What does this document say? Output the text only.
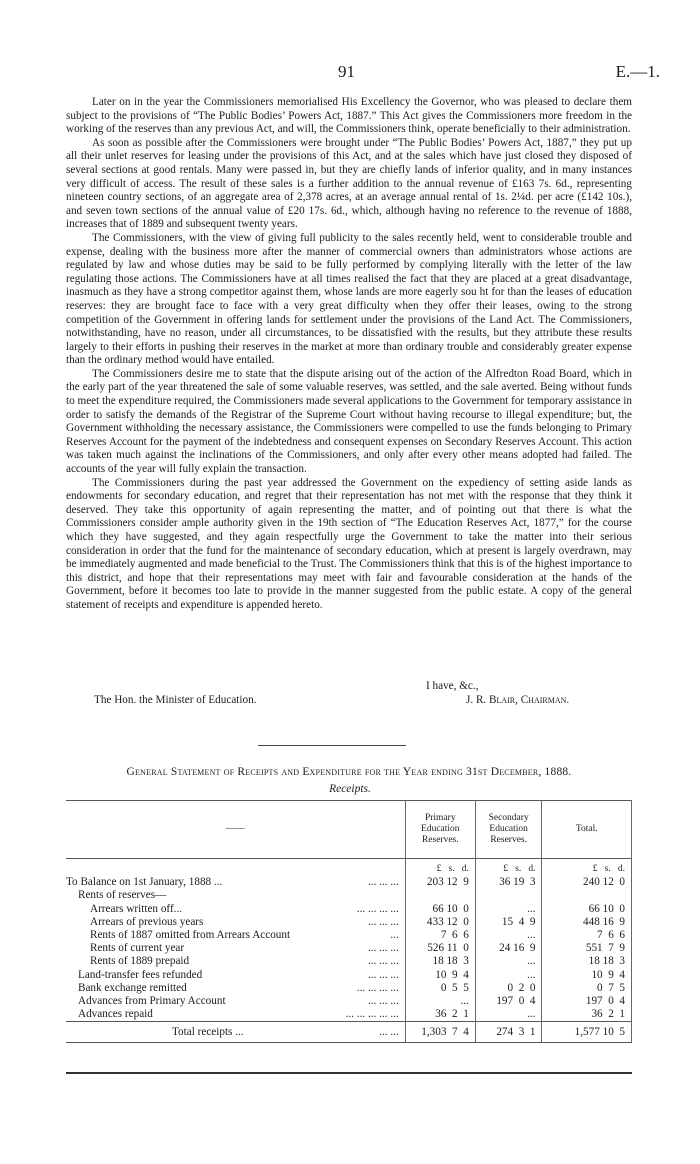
91	E.—1.

Later on in the year the Commissioners memorialised His Excellency the Governor, who was pleased to declare them subject to the provisions of “The Public Bodies’ Powers Act, 1887.” This Act gives the Commissioners more freedom in the working of the reserves than any previous Act, and will, the Commissioners think, operate beneficially to their administration.

As soon as possible after the Commissioners were brought under “The Public Bodies’ Powers Act, 1887,” they put up all their unlet reserves for leasing under the provisions of this Act, and at the sales which have just closed they disposed of several sections at good rentals. Many were passed in, but they are chiefly lands of inferior quality, and in many instances very difficult of access. The result of these sales is a further addition to the annual revenue of £163 7s. 6d., representing nineteen country sections, of an aggregate area of 2,378 acres, at an average annual rental of 1s. 2¼d. per acre (£142 10s.), and seven town sections of the annual value of £20 17s. 6d., which, although having no reference to the revenue of 1888, increases that of 1889 and subsequent twenty years.

The Commissioners, with the view of giving full publicity to the sales recently held, went to considerable trouble and expense, dealing with the business more after the manner of commercial owners than administrators whose actions are regulated by law and whose duties may be said to be fully performed by complying literally with the letter of the law regulating those actions. The Commissioners have at all times realised the fact that they are placed at a great disadvantage, inasmuch as they have a strong competitor against them, whose lands are more eagerly sou ht for than the leases of education reserves: they are brought face to face with a very great difficulty when they offer their leases, owing to the strong competition of the Government in offering lands for settlement under the provisions of the Land Act. The Commissioners, notwithstanding, have no reason, under all circumstances, to be dissatisfied with the results, but they attribute these results largely to their efforts in pushing their reserves in the market at more than ordinary trouble and considerably greater expense than the ordinary method would have entailed.

The Commissioners desire me to state that the dispute arising out of the action of the Alfredton Road Board, which in the early part of the year threatened the sale of some valuable reserves, was settled, and the sale averted. Being without funds to meet the expenditure required, the Commissioners made several applications to the Government for temporary assistance in order to satisfy the demands of the Registrar of the Supreme Court without having recourse to illegal expenditure; but, the Government withholding the necessary assistance, the Commissioners were compelled to use the funds belonging to Primary Reserves Account for the payment of the indebtedness and consequent expenses on Secondary Reserves Account. This action was taken much against the inclinations of the Commissioners, and only after every other means adopted had failed. The accounts of the year will fully explain the transaction.

The Commissioners during the past year addressed the Government on the expediency of setting aside lands as endowments for secondary education, and regret that their representation has not met with the response that they think it deserved. They take this opportunity of again representing the matter, and of pointing out that there is what the Commissioners consider ample authority given in the 19th section of “The Education Reserves Act, 1877,” for the course which they have suggested, and they again respectfully urge the Government to take the matter into their serious consideration in order that the fund for the maintenance of secondary education, which at present is largely overdrawn, may be immediately augmented and made beneficial to the Trust. The Commissioners think that this is of the highest importance to this district, and hope that their representations may meet with fair and favourable consideration at the hands of the Government, before it becomes too late to provide in the manner suggested from the public estate. A copy of the general statement of receipts and expenditure is appended hereto.

I have, &c.,
The Hon. the Minister of Education.	J. R. Blair, Chairman.
General Statement of Receipts and Expenditure for the Year ending 31st December, 1888.
Receipts.
——	Primary Education Reserves.	Secondary Education Reserves.	Total.
	£   s.   d.	£   s.   d.	£   s.   d.
To Balance on 1st January, 1888 ... ... ... ...	203 12  9	36 19  3	240 12  0
Rents of reserves—

Arrears written off... ... ... ... ...	66 10  0	...	66 10  0
Arrears of previous years ... ... ...	433 12  0	15  4  9	448 16  9
Rents of 1887 omitted from Arrears Account ...	7  6  6	...	7  6  6
Rents of current year ... ... ...	526 11  0	24 16  9	551  7  9
Rents of 1889 prepaid ... ... ...	18 18  3	...	18 18  3
Land-transfer fees refunded ... ... ...	10  9  4	...	10  9  4
Bank exchange remitted ... ... ... ...	0  5  5	0  2  0	0  7  5
Advances from Primary Account ... ... ...	...	197  0  4	197  0  4
Advances repaid ... ... ... ... ...	36  2  1	...	36  2  1
Total receipts ... ... ...	1,303  7  4	274  3  1	1,577 10  5
